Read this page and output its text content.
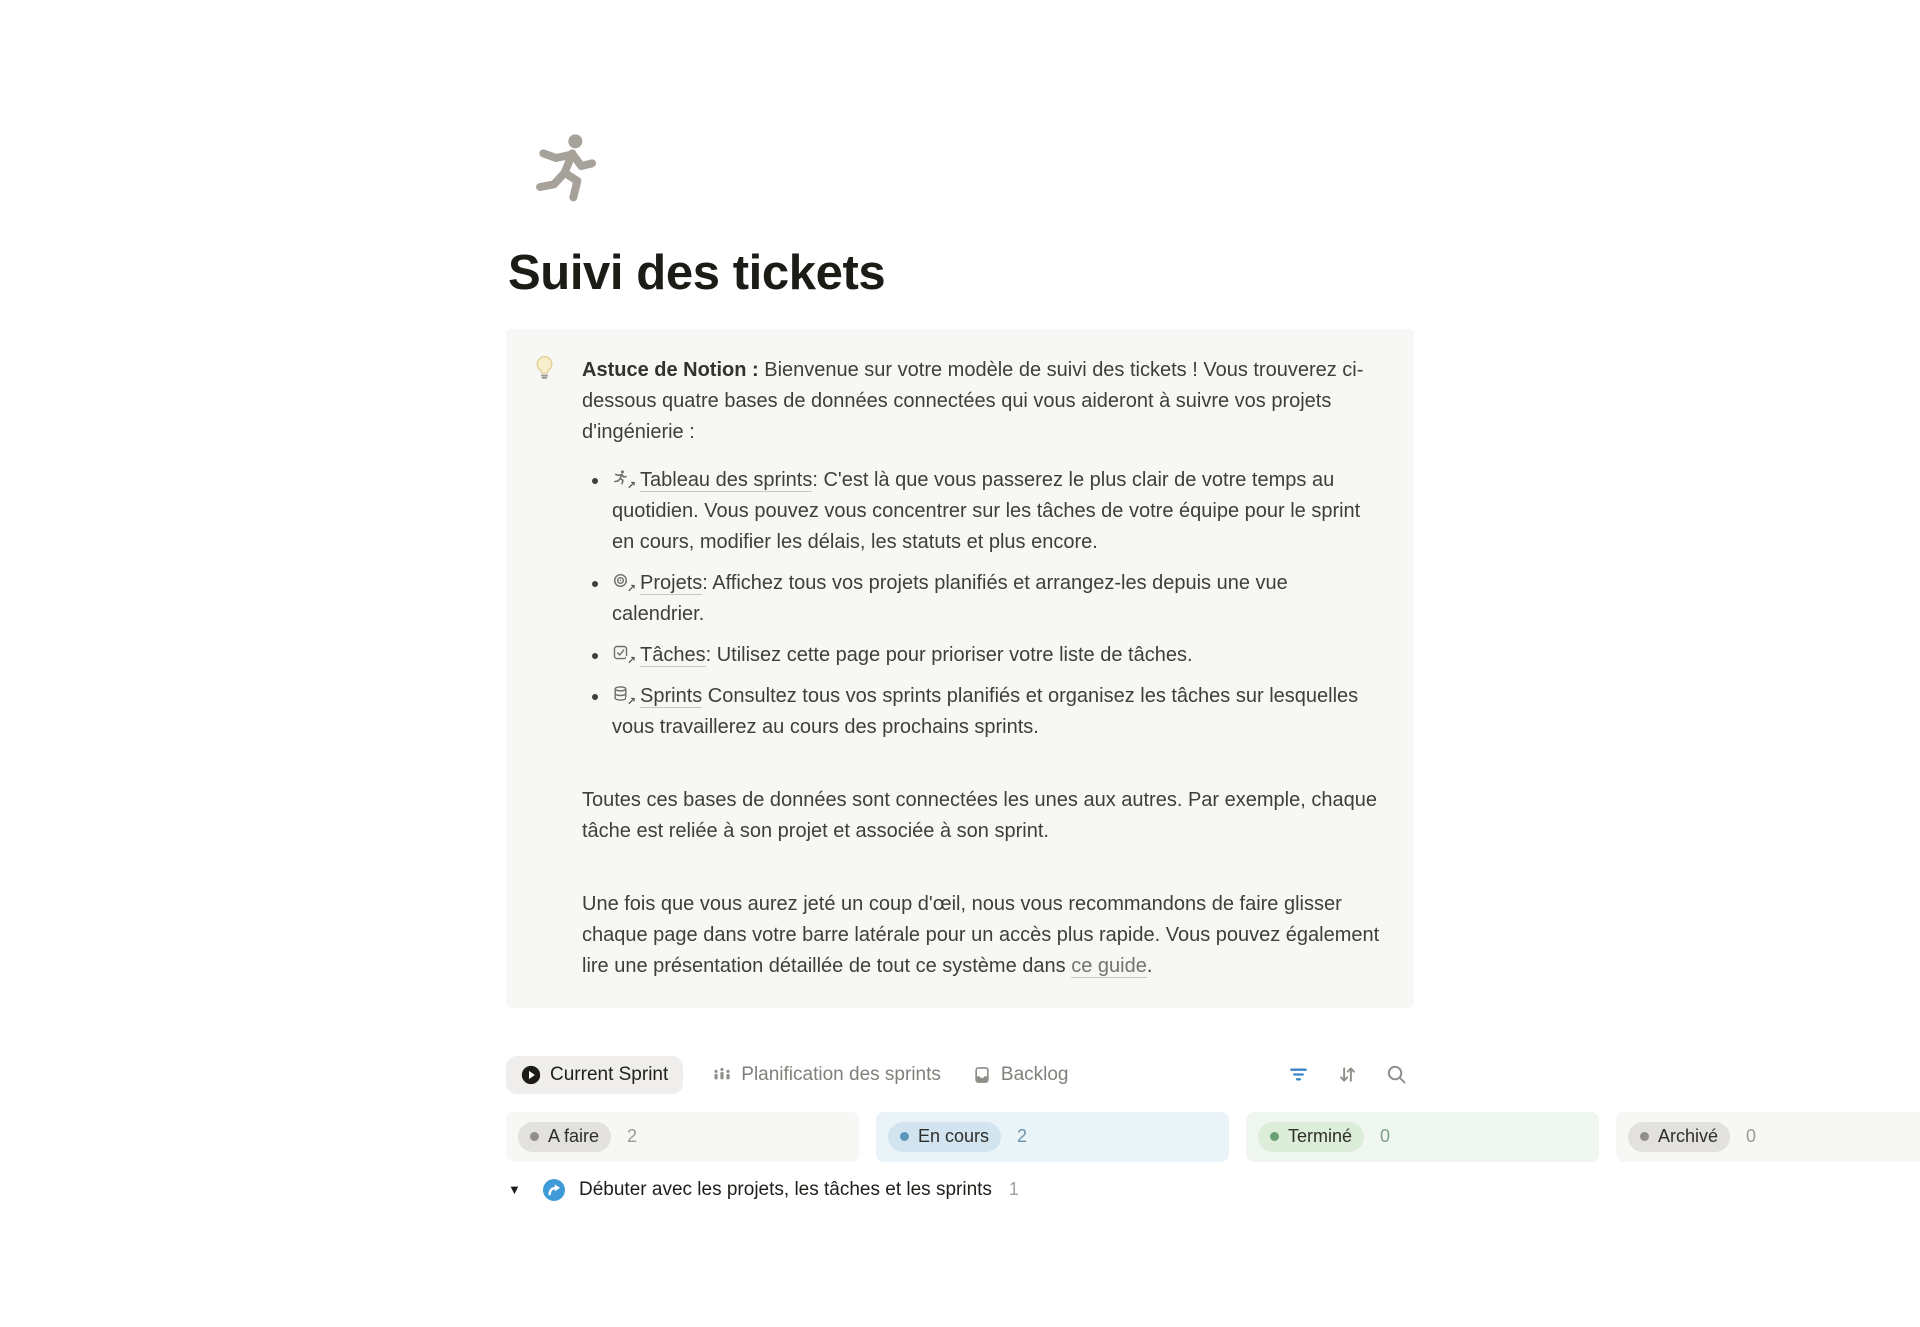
Suivi des tickets

Astuce de Notion : Bienvenue sur votre modèle de suivi des tickets ! Vous trouverez ci-dessous quatre bases de données connectées qui vous aideront à suivre vos projets d'ingénierie :

• ↗ Tableau des sprints: C'est là que vous passerez le plus clair de votre temps au quotidien. Vous pouvez vous concentrer sur les tâches de votre équipe pour le sprint en cours, modifier les délais, les statuts et plus encore.
• ↗ Projets: Affichez tous vos projets planifiés et arrangez-les depuis une vue calendrier.
• ↗ Tâches: Utilisez cette page pour prioriser votre liste de tâches.
• ↗ Sprints Consultez tous vos sprints planifiés et organisez les tâches sur lesquelles vous travaillerez au cours des prochains sprints.

Toutes ces bases de données sont connectées les unes aux autres. Par exemple, chaque tâche est reliée à son projet et associée à son sprint.

Une fois que vous aurez jeté un coup d'œil, nous vous recommandons de faire glisser chaque page dans votre barre latérale pour un accès plus rapide. Vous pouvez également lire une présentation détaillée de tout ce système dans ce guide.

Current Sprint	Planification des sprints	Backlog
A faire 2	En cours 2	Terminé 0	Archivé 0
▼	Débuter avec les projets, les tâches et les sprints 1
